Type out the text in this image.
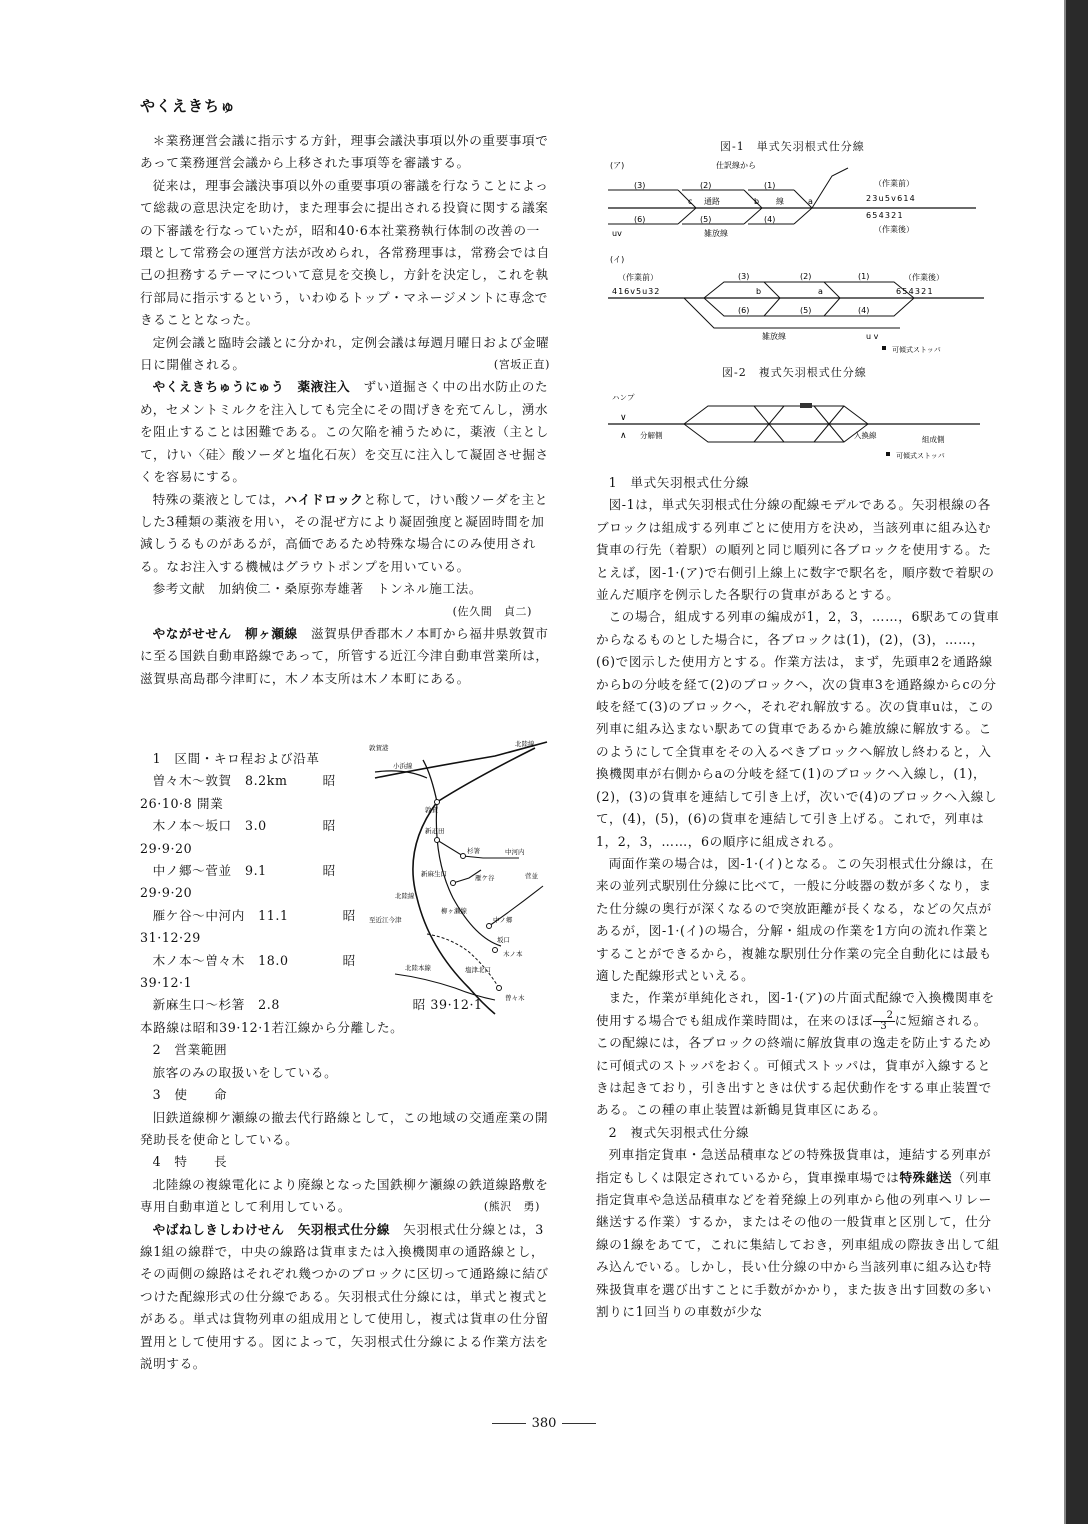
やくえきちゅ

＊業務運営会議に指示する方針，理事会議決事項以外の重要事項であって業務運営会議から上移された事項等を審議する。

従来は，理事会議決事項以外の重要事項の審議を行なうことによって総裁の意思決定を助け，また理事会に提出される投資に関する議案の下審議を行なっていたが，昭和40·6本社業務執行体制の改善の一環として常務会の運営方法が改められ，各常務理事は，常務会では自己の担務するテーマについて意見を交換し，方針を決定し，これを執行部局に指示するという，いわゆるトップ・マネージメントに専念できることとなった。

定例会議と臨時会議とに分かれ，定例会議は毎週月曜日および金曜日に開催される。	(宮坂正直)

やくえきちゅうにゅう　薬液注入　 ずい道掘さく中の出水防止のため，セメントミルクを注入しても完全にその間げきを充てんし，湧水を阻止することは困難である。この欠陥を補うために，薬液（主として，けい〈硅〉酸ソーダと塩化石灰）を交互に注入して凝固させ掘さくを容易にする。

特殊の薬液としては，ハイドロックと称して，けい酸ソーダを主とした3種類の薬液を用い，その混ぜ方により凝固強度と凝固時間を加減しうるものがあるが，高価であるため特殊な場合にのみ使用される。なお注入する機械はグラウトポンプを用いている。

参考文献　加納倹二・桑原弥寿雄著　トンネル施工法。

(佐久間　貞二)

やながせせん　柳ヶ瀬線　 滋賀県伊香郡木ノ本町から福井県敦賀市に至る国鉄自動車路線であって，所管する近江今津自動車営業所は，滋賀県高島郡今津町に，木ノ本支所は木ノ本町にある。

1　区間・キロ程および沿革

曽々木～敦賀　 8.2km	昭
26·10·8 開業
木ノ本～坂口　 3.0	昭
29·9·20
中ノ郷～菅並　 9.1	昭
29·9·20
雁ケ谷～中河内　 11.1	昭
31·12·29
木ノ本～曽々木　 18.0	昭
39·12·1
新麻生口～杉箸　 2.8	昭 39·12·1

本路線は昭和39·12·1若江線から分離した。

2　営業範囲

旅客のみの取扱いをしている。

3　使　　命

旧鉄道線柳ケ瀬線の撤去代行路線として，この地域の交通産業の開発助長を使命としている。

4　特　　長

北陸線の複線電化により廃線となった国鉄柳ケ瀬線の鉄道線路敷を専用自動車道として利用している。	(熊沢　勇)

やばねしきしわけせん　矢羽根式仕分線　 矢羽根式仕分線とは，3線1組の線群で，中央の線路は貨車または入換機関車の通路線とし，その両側の線路はそれぞれ幾つかのブロックに区切って通路線に結びつけた配線形式の仕分線である。矢羽根式仕分線には，単式と複式とがある。単式は貨物列車の組成用として使用し，複式は貨車の仕分留置用として使用する。図によって，矢羽根式仕分線による作業方法を説明する。

敦賀港
小浜線
敦賀
北陸線
新疋田
杉箸	中河内
菅並
雁ケ谷
新麻生口
中ノ郷
坂口
木ノ本
曽々木
塩津北口
至近江今津
北陸線
柳ヶ瀬線
北陸本線
図-1　単式矢羽根式仕分線
(ア)	仕訳線から
（作業前）
23u5v614
654321
（作業後）
(3)	(2)	(1)
(6)	(5)	(4)
c 通路	b 線	a
雑放線
uv
(イ)
（作業前）
416v5u32
（作業後）
654321
(3)	(2)	(1)
(6)	(5)	(4)
b	a
雑放線	u v
可傾式ストッパ
図-2　複式矢羽根式仕分線
ハンプ
∨
∧ 分解側	入換線	組成側
可傾式ストッパ

1　単式矢羽根式仕分線

図-1は，単式矢羽根式仕分線の配線モデルである。矢羽根線の各ブロックは組成する列車ごとに使用方を決め，当該列車に組み込む貨車の行先（着駅）の順列と同じ順列に各ブロックを使用する。たとえば，図-1·(ア)で右側引上線上に数字で駅名を，順序数で着駅の並んだ順序を例示した各駅行の貨車があるとする。

この場合，組成する列車の編成が1，2，3，……，6駅あての貨車からなるものとした場合に，各ブロックは(1)，(2)，(3)，……，(6)で図示した使用方とする。作業方法は，まず，先頭車2を通路線からbの分岐を経て(2)のブロックへ，次の貨車3を通路線からcの分岐を経て(3)のブロックへ，それぞれ解放する。次の貨車uは，この列車に組み込まない駅あての貨車であるから雑放線に解放する。このようにして全貨車をその入るべきブロックへ解放し終わると，入換機関車が右側からaの分岐を経て(1)のブロックへ入線し，(1)，(2)，(3)の貨車を連結して引き上げ，次いで(4)のブロックへ入線して，(4)，(5)，(6)の貨車を連結して引き上げる。これで，列車は1，2，3，……，6の順序に組成される。

両面作業の場合は，図-1·(イ)となる。この矢羽根式仕分線は，在来の並列式駅別仕分線に比べて，一般に分岐器の数が多くなり，また仕分線の奥行が深くなるので突放距離が長くなる，などの欠点があるが，図-1·(イ)の場合，分解・組成の作業を1方向の流れ作業とすることができるから，複雑な駅別仕分作業の完全自動化には最も適した配線形式といえる。

また，作業が単純化され，図-1·(ア)の片面式配線で入換機関車を使用する場合でも組成作業時間は，在来のほぼ $\frac{2}{3}$に短縮される。この配線には，各ブロックの終端に解放貨車の逸走を防止するために可傾式のストッパをおく。可傾式ストッパは，貨車が入線するときは起きており，引き出すときは伏する起伏動作をする車止装置である。この種の車止装置は新鶴見貨車区にある。

2　複式矢羽根式仕分線

列車指定貨車・急送品積車などの特殊扱貨車は，連結する列車が指定もしくは限定されているから，貨車操車場では特殊継送（列車指定貨車や急送品積車などを着発線上の列車から他の列車へリレー継送する作業）するか，またはその他の一般貨車と区別して，仕分線の1線をあてて，これに集結しておき，列車組成の際抜き出して組み込んでいる。しかし，長い仕分線の中から当該列車に組み込む特殊扱貨車を選び出すことに手数がかかり，また抜き出す回数の多い割りに1回当りの車数が少な

380
